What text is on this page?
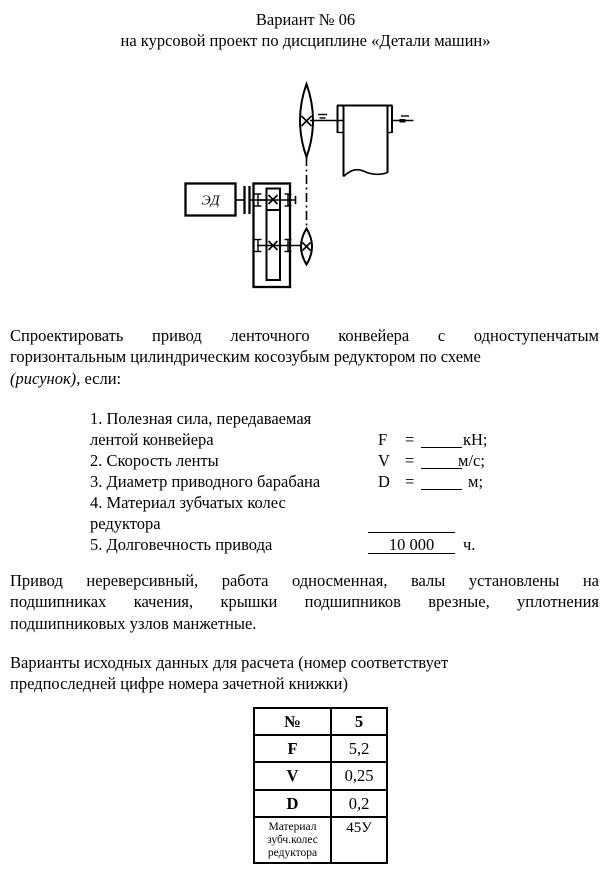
Вариант № 06
на курсовой проект по дисциплине «Детали машин»
ЭД
Спроектировать привод ленточного конвейера с одноступенчатым
горизонтальным цилиндрическим косозубым редуктором по схеме
(рисунок), если:
1. Полезная сила, передаваемая
лентой конвейера	F =	кН;
2. Скорость ленты	V =	м/с;
3. Диаметр приводного барабана	D =	м;
4. Материал зубчатых колес
редуктора
5. Долговечность привода	10 000	ч.
Привод нереверсивный, работа односменная, валы установлены на
подшипниках качения, крышки подшипников врезные, уплотнения
подшипниковых узлов манжетные.
Варианты исходных данных для расчета (номер соответствует
предпоследней цифре номера зачетной книжки)
№	5
F	5,2
V	0,25
D	0,2
Материал зубч.колес редуктора	45У
